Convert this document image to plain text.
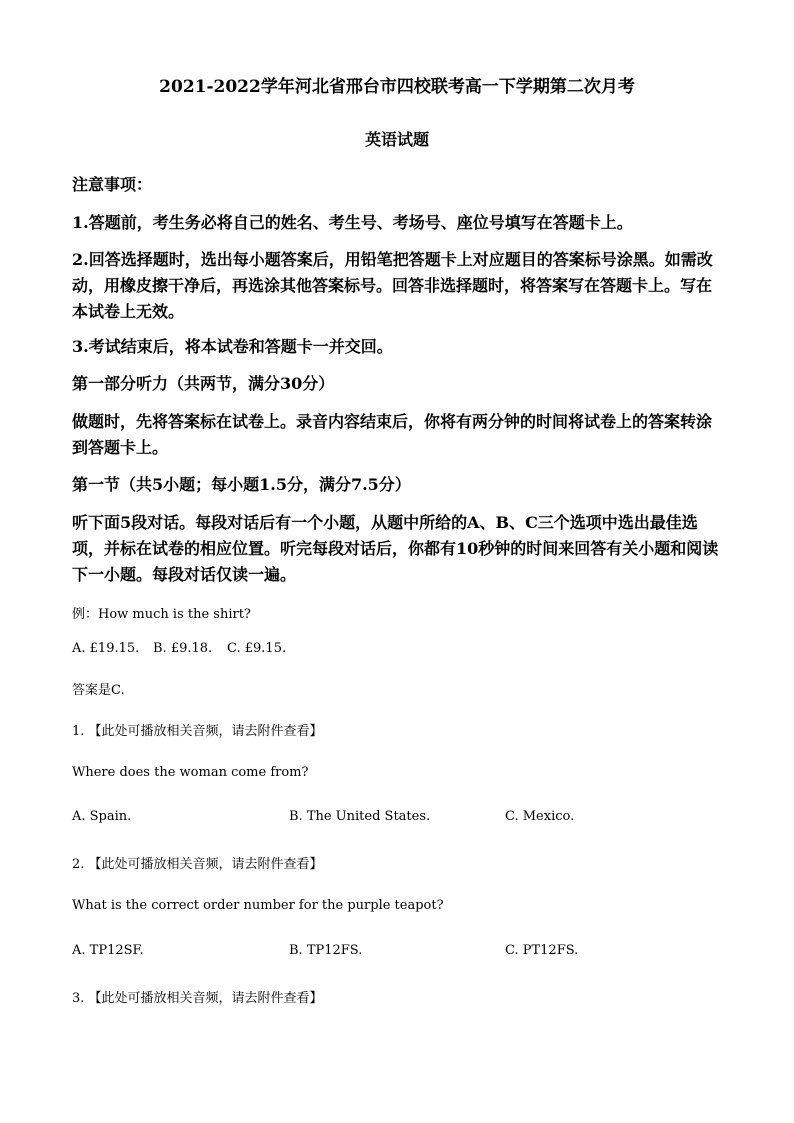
2021-2022学年河北省邢台市四校联考高一下学期第二次月考
英语试题
注意事项：
1.答题前，考生务必将自己的姓名、考生号、考场号、座位号填写在答题卡上。
2.回答选择题时，选出每小题答案后，用铅笔把答题卡上对应题目的答案标号涂黑。如需改动，用橡皮擦干净后，再选涂其他答案标号。回答非选择题时，将答案写在答题卡上。写在本试卷上无效。
3.考试结束后，将本试卷和答题卡一并交回。
第一部分听力（共两节，满分30分）
做题时，先将答案标在试卷上。录音内容结束后，你将有两分钟的时间将试卷上的答案转涂到答题卡上。
第一节（共5小题；每小题1.5分，满分7.5分）
听下面5段对话。每段对话后有一个小题，从题中所给的A、B、C三个选项中选出最佳选项，并标在试卷的相应位置。听完每段对话后，你都有10秒钟的时间来回答有关小题和阅读下一小题。每段对话仅读一遍。
例：How much is the shirt?
A. £19.15. B. £9.18. C. £9.15.
答案是C.
1. 【此处可播放相关音频，请去附件查看】
Where does the woman come from?
A. Spain.	B. The United States.	C. Mexico.
2. 【此处可播放相关音频，请去附件查看】
What is the correct order number for the purple teapot?
A. TP12SF.	B. TP12FS.	C. PT12FS.
3. 【此处可播放相关音频，请去附件查看】
